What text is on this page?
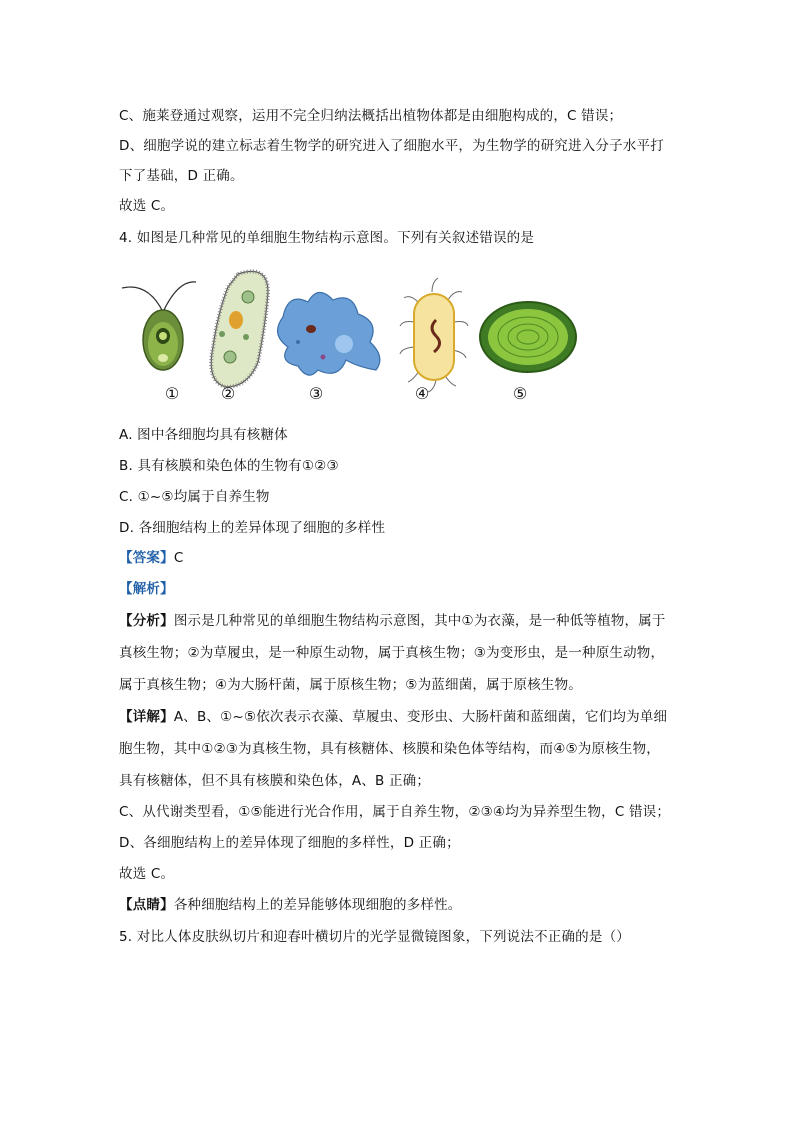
C、施莱登通过观察，运用不完全归纳法概括出植物体都是由细胞构成的，C 错误；
D、细胞学说的建立标志着生物学的研究进入了细胞水平，为生物学的研究进入分子水平打
下了基础，D 正确。
故选 C。
4. 如图是几种常见的单细胞生物结构示意图。下列有关叙述错误的是
①	②	③	④	⑤
A. 图中各细胞均具有核糖体
B. 具有核膜和染色体的生物有①②③
C. ①~⑤均属于自养生物
D. 各细胞结构上的差异体现了细胞的多样性
【答案】C
【解析】
【分析】图示是几种常见的单细胞生物结构示意图，其中①为衣藻，是一种低等植物，属于
真核生物；②为草履虫，是一种原生动物，属于真核生物；③为变形虫，是一种原生动物，
属于真核生物；④为大肠杆菌，属于原核生物；⑤为蓝细菌，属于原核生物。
【详解】A、B、①~⑤依次表示衣藻、草履虫、变形虫、大肠杆菌和蓝细菌，它们均为单细
胞生物，其中①②③为真核生物，具有核糖体、核膜和染色体等结构，而④⑤为原核生物，
具有核糖体，但不具有核膜和染色体，A、B 正确；
C、从代谢类型看，①⑤能进行光合作用，属于自养生物，②③④均为异养型生物，C 错误；
D、各细胞结构上的差异体现了细胞的多样性，D 正确；
故选 C。
【点睛】各种细胞结构上的差异能够体现细胞的多样性。
5. 对比人体皮肤纵切片和迎春叶横切片的光学显微镜图象，下列说法不正确的是（）
